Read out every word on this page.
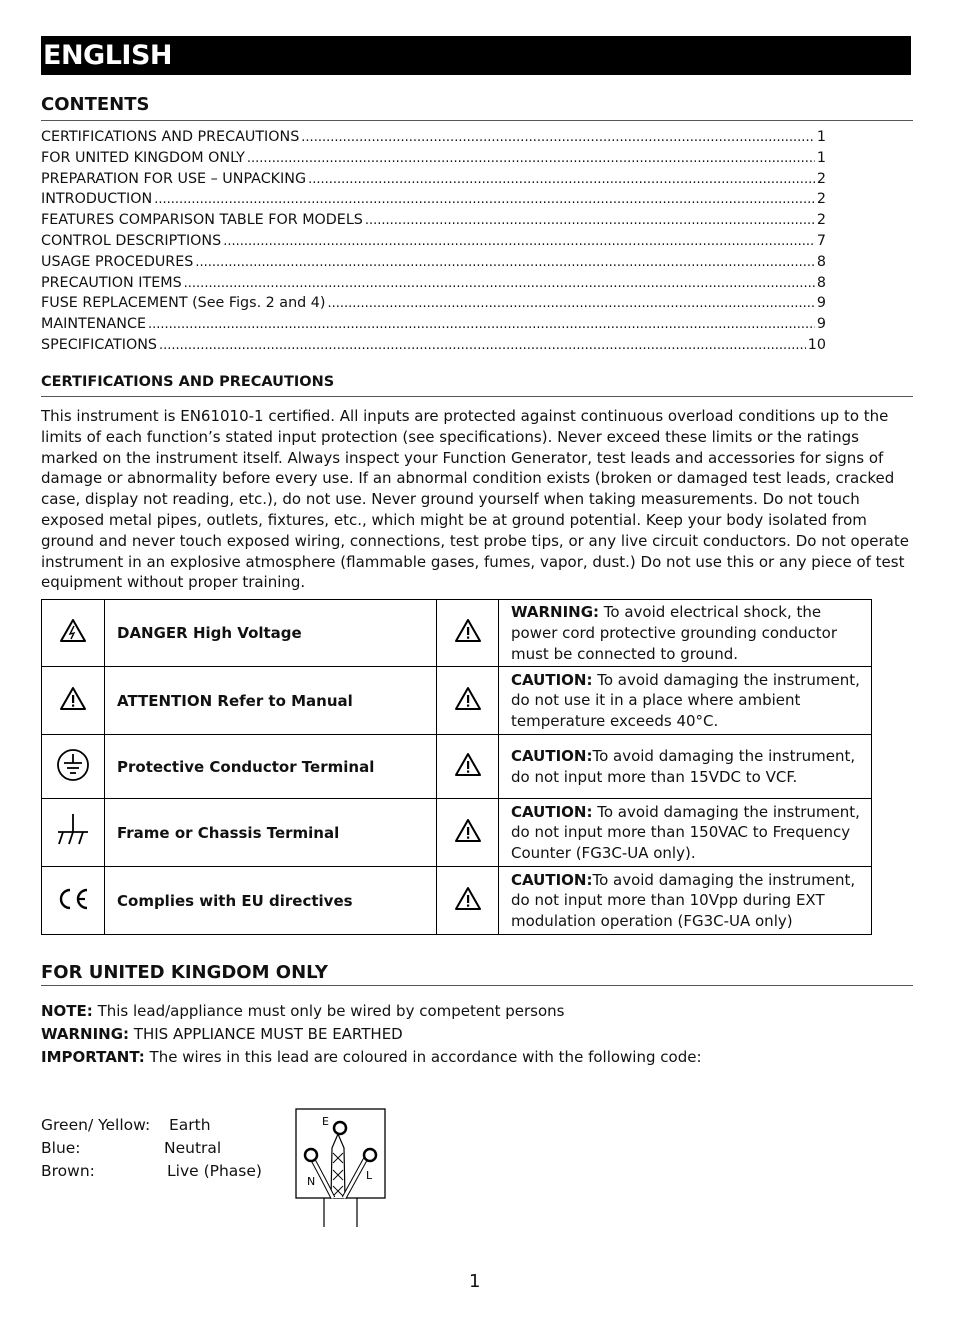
ENGLISH
CONTENTS
CERTIFICATIONS AND PRECAUTIONS .....	1
FOR UNITED KINGDOM ONLY .....	1
PREPARATION FOR USE – UNPACKING .....	2
INTRODUCTION .....	2
FEATURES COMPARISON TABLE FOR MODELS .....	2
CONTROL DESCRIPTIONS .....	7
USAGE PROCEDURES .....	8
PRECAUTION ITEMS .....	8
FUSE REPLACEMENT (See Figs. 2 and 4) .....	9
MAINTENANCE .....	9
SPECIFICATIONS .....	10
CERTIFICATIONS AND PRECAUTIONS
This instrument is EN61010-1 certified. All inputs are protected against continuous overload conditions up to the limits of each function’s stated input protection (see specifications). Never exceed these limits or the ratings marked on the instrument itself. Always inspect your Function Generator, test leads and accessories for signs of damage or abnormality before every use. If an abnormal condition exists (broken or damaged test leads, cracked case, display not reading, etc.), do not use. Never ground yourself when taking measurements. Do not touch exposed metal pipes, outlets, fixtures, etc., which might be at ground potential. Keep your body isolated from ground and never touch exposed wiring, connections, test probe tips, or any live circuit conductors. Do not operate instrument in an explosive atmosphere (flammable gases, fumes, vapor, dust.) Do not use this or any piece of test equipment without proper training.
	DANGER High Voltage		WARNING: To avoid electrical shock, the power cord protective grounding conductor must be connected to ground.
	ATTENTION Refer to Manual		CAUTION: To avoid damaging the instrument, do not use it in a place where ambient temperature exceeds 40°C.
	Protective Conductor Terminal		CAUTION:To avoid damaging the instrument, do not input more than 15VDC to VCF.
	Frame or Chassis Terminal		CAUTION: To avoid damaging the instrument, do not input more than 150VAC to Frequency Counter (FG3C-UA only).
	Complies with EU directives		CAUTION:To avoid damaging the instrument, do not input more than 10Vpp during EXT modulation operation (FG3C-UA only)
FOR UNITED KINGDOM ONLY
NOTE: This lead/appliance must only be wired by competent persons
WARNING: THIS APPLIANCE MUST BE EARTHED
IMPORTANT: The wires in this lead are coloured in accordance with the following code:
Green/ Yellow:	Earth
Blue:	Neutral
Brown:	Live (Phase)
E
N	L
1
